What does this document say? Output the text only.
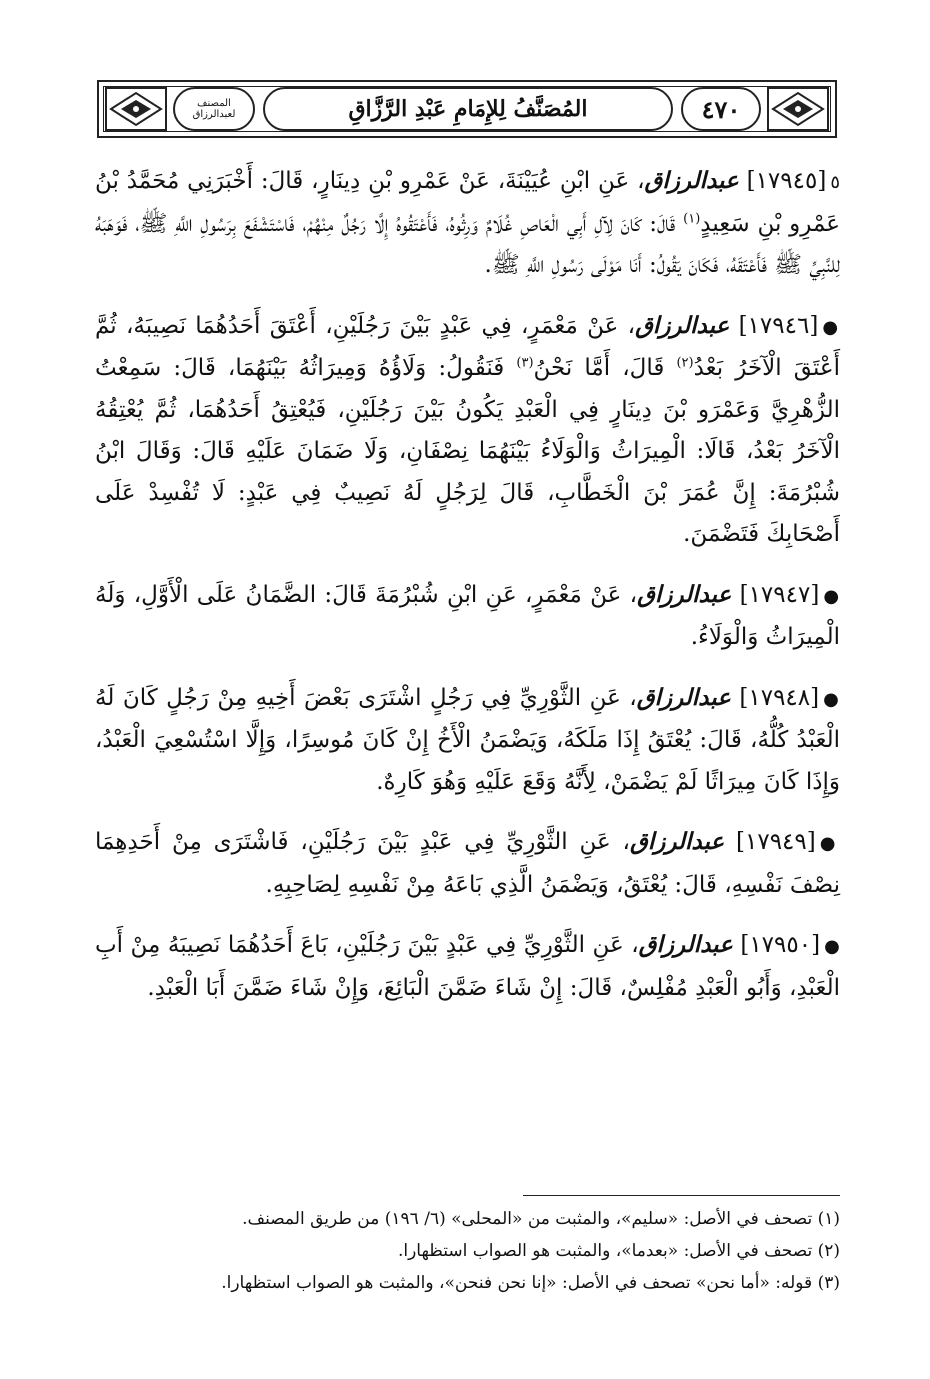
المصنف لعبدالرزاق	المُصَنَّفُ لِلإِمَامِ عَبْدِ الرَّزَّاقِ	٤٧٠

٥[١٧٩٤٥] عبدالرزاق، عَنِ ابْنِ عُيَيْنَةَ، عَنْ عَمْرِو بْنِ دِينَارٍ، قَالَ: أَخْبَرَنِي مُحَمَّدُ بْنُ عَمْرِو بْنِ سَعِيدٍ$^{(١)}$ قَالَ: كَانَ لِآلِ أَبِي الْعَاصِ غُلَامٌ وَرِثُوهُ، فَأَعْتَقُوهُ إِلَّا رَجُلٌ مِنْهُمْ، فَاسْتَشْفَعَ بِرَسُولِ اللَّهِ ﷺ، فَوَهَبَهُ لِلنَّبِيِّ ﷺ فَأَعْتَقَهُ، فَكَانَ يَقُولُ: أَنَا مَوْلَى رَسُولِ اللَّهِ ﷺ.

●[١٧٩٤٦] عبدالرزاق، عَنْ مَعْمَرٍ، فِي عَبْدٍ بَيْنَ رَجُلَيْنِ، أَعْتَقَ أَحَدُهُمَا نَصِيبَهُ، ثُمَّ أَعْتَقَ الْآخَرُ بَعْدُ$^{(٢)}$ قَالَ، أَمَّا نَحْنُ$^{(٣)}$ فَنَقُولُ: وَلَاؤُهُ وَمِيرَاثُهُ بَيْنَهُمَا، قَالَ: سَمِعْتُ الزُّهْرِيَّ وَعَمْرَو بْنَ دِينَارٍ فِي الْعَبْدِ يَكُونُ بَيْنَ رَجُلَيْنِ، فَيُعْتِقُ أَحَدُهُمَا، ثُمَّ يُعْتِقُهُ الْآخَرُ بَعْدُ، قَالَا: الْمِيرَاثُ وَالْوَلَاءُ بَيْنَهُمَا نِصْفَانِ، وَلَا ضَمَانَ عَلَيْهِ قَالَ: وَقَالَ ابْنُ شُبْرُمَةَ: إِنَّ عُمَرَ بْنَ الْخَطَّابِ، قَالَ لِرَجُلٍ لَهُ نَصِيبٌ فِي عَبْدٍ: لَا تُفْسِدْ عَلَى أَصْحَابِكَ فَتَضْمَنَ.

●[١٧٩٤٧] عبدالرزاق، عَنْ مَعْمَرٍ، عَنِ ابْنِ شُبْرُمَةَ قَالَ: الضَّمَانُ عَلَى الْأَوَّلِ، وَلَهُ الْمِيرَاثُ وَالْوَلَاءُ.

●[١٧٩٤٨] عبدالرزاق، عَنِ الثَّوْرِيِّ فِي رَجُلٍ اشْتَرَى بَعْضَ أَخِيهِ مِنْ رَجُلٍ كَانَ لَهُ الْعَبْدُ كُلُّهُ، قَالَ: يُعْتَقُ إِذَا مَلَكَهُ، وَيَضْمَنُ الْأَخُ إِنْ كَانَ مُوسِرًا، وَإِلَّا اسْتُسْعِيَ الْعَبْدُ، وَإِذَا كَانَ مِيرَاثًا لَمْ يَضْمَنْ، لِأَنَّهُ وَقَعَ عَلَيْهِ وَهُوَ كَارِهٌ.

●[١٧٩٤٩] عبدالرزاق، عَنِ الثَّوْرِيِّ فِي عَبْدٍ بَيْنَ رَجُلَيْنِ، فَاشْتَرَى مِنْ أَحَدِهِمَا نِصْفَ نَفْسِهِ، قَالَ: يُعْتَقُ، وَيَضْمَنُ الَّذِي بَاعَهُ مِنْ نَفْسِهِ لِصَاحِبِهِ.

●[١٧٩٥٠] عبدالرزاق، عَنِ الثَّوْرِيِّ فِي عَبْدٍ بَيْنَ رَجُلَيْنِ، بَاعَ أَحَدُهُمَا نَصِيبَهُ مِنْ أَبِ الْعَبْدِ، وَأَبُو الْعَبْدِ مُفْلِسٌ، قَالَ: إِنْ شَاءَ ضَمَّنَ الْبَائِعَ، وَإِنْ شَاءَ ضَمَّنَ أَبَا الْعَبْدِ.

(١) تصحف في الأصل: «سليم»، والمثبت من «المحلى» (٦/ ١٩٦) من طريق المصنف.

(٢) تصحف في الأصل: «بعدما»، والمثبت هو الصواب استظهارا.

(٣) قوله: «أما نحن» تصحف في الأصل: «إنا نحن فنحن»، والمثبت هو الصواب استظهارا.
